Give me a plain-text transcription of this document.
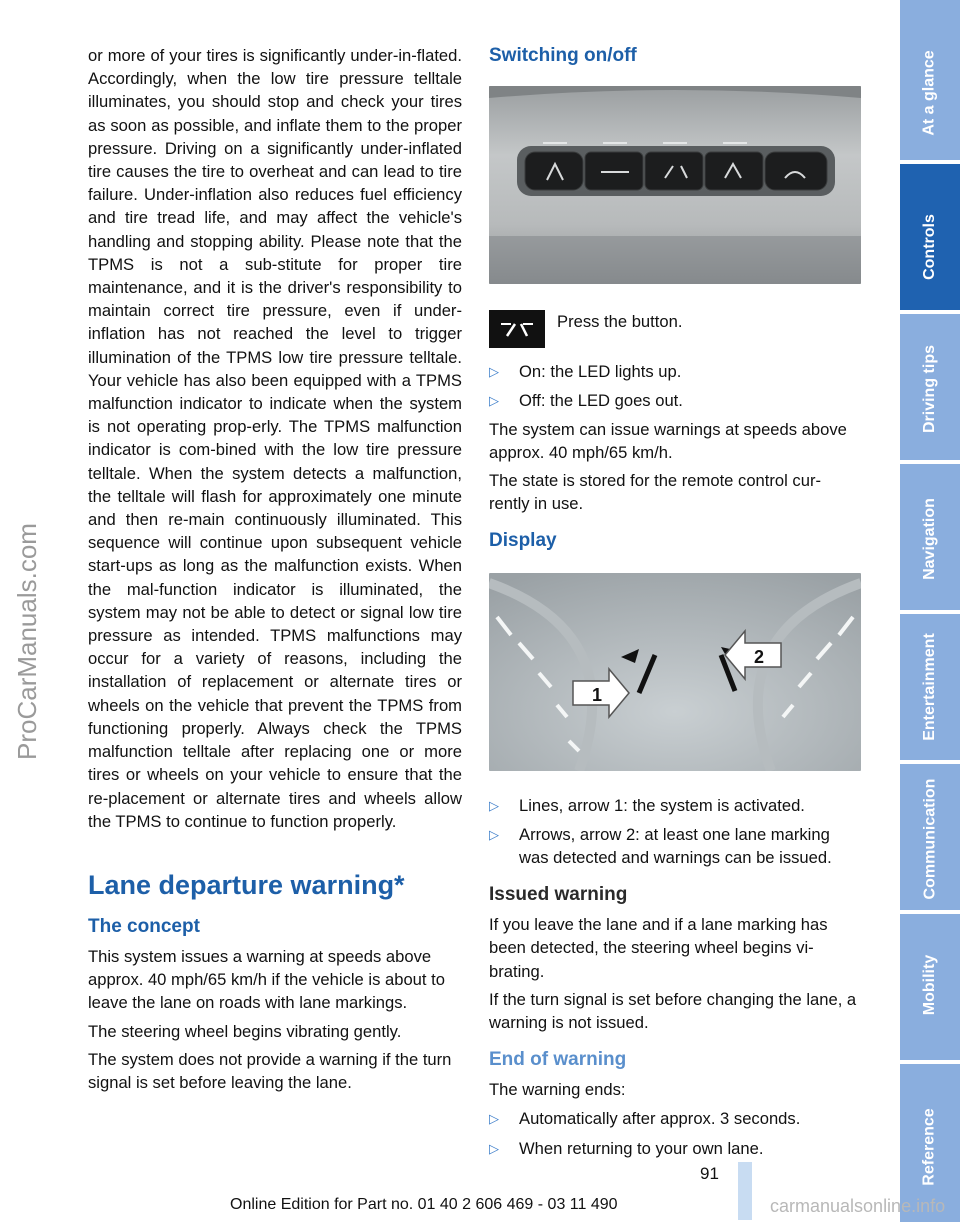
ProCarManuals.com

or more of your tires is significantly under-in-flated. Accordingly, when the low tire pressure telltale illuminates, you should stop and check your tires as soon as possible, and inflate them to the proper pressure. Driving on a significantly under-inflated tire causes the tire to overheat and can lead to tire failure. Under-inflation also reduces fuel efficiency and tire tread life, and may affect the vehicle's handling and stopping ability. Please note that the TPMS is not a sub-stitute for proper tire maintenance, and it is the driver's responsibility to maintain correct tire pressure, even if under-inflation has not reached the level to trigger illumination of the TPMS low tire pressure telltale. Your vehicle has also been equipped with a TPMS malfunction indicator to indicate when the system is not operating prop-erly. The TPMS malfunction indicator is com-bined with the low tire pressure telltale. When the system detects a malfunction, the telltale will flash for approximately one minute and then re-main continuously illuminated. This sequence will continue upon subsequent vehicle start-ups as long as the malfunction exists. When the mal-function indicator is illuminated, the system may not be able to detect or signal low tire pressure as intended. TPMS malfunctions may occur for a variety of reasons, including the installation of replacement or alternate tires or wheels on the vehicle that prevent the TPMS from functioning properly. Always check the TPMS malfunction telltale after replacing one or more tires or wheels on your vehicle to ensure that the re-placement or alternate tires and wheels allow the TPMS to continue to function properly.

Lane departure warning*
The concept

This system issues a warning at speeds above approx. 40 mph/65 km/h if the vehicle is about to leave the lane on roads with lane markings.

The steering wheel begins vibrating gently.

The system does not provide a warning if the turn signal is set before leaving the lane.

Switching on/off
Press the button.
▷	On: the LED lights up.
▷	Off: the LED goes out.

The system can issue warnings at speeds above approx. 40 mph/65 km/h.

The state is stored for the remote control cur-rently in use.

Display
1
2
▷	Lines, arrow 1: the system is activated.
▷	Arrows, arrow 2: at least one lane marking was detected and warnings can be issued.
Issued warning

If you leave the lane and if a lane marking has been detected, the steering wheel begins vi-brating.

If the turn signal is set before changing the lane, a warning is not issued.

End of warning

The warning ends:

▷	Automatically after approx. 3 seconds.
▷	When returning to your own lane.
At a glance
Controls
Driving tips
Navigation
Entertainment
Communication
Mobility
Reference
91
Online Edition for Part no. 01 40 2 606 469 - 03 11 490	carmanualsonline.info
